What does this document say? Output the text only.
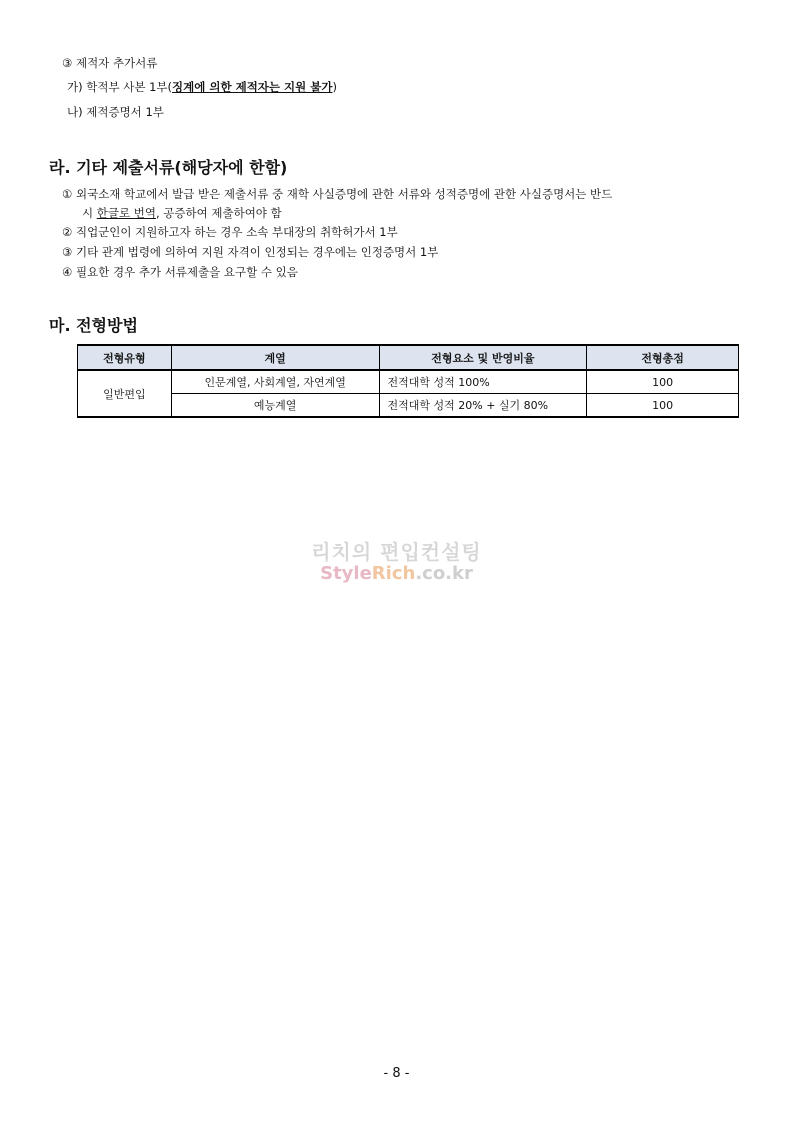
③ 제적자 추가서류
가) 학적부 사본 1부(징계에 의한 제적자는 지원 불가)
나) 제적증명서 1부
라. 기타 제출서류(해당자에 한함)
① 외국소재 학교에서 발급 받은 제출서류 중 재학 사실증명에 관한 서류와 성적증명에 관한 사실증명서는 반드
시 한글로 번역, 공증하여 제출하여야 함
② 직업군인이 지원하고자 하는 경우 소속 부대장의 취학허가서 1부
③ 기타 관계 법령에 의하여 지원 자격이 인정되는 경우에는 인정증명서 1부
④ 필요한 경우 추가 서류제출을 요구할 수 있음
마. 전형방법
전형유형	계열	전형요소 및 반영비율	전형총점
일반편입	인문계열, 사회계열, 자연계열	전적대학 성적 100%	100
	예능계열	전적대학 성적 20% + 실기 80%	100
리치의 편입컨설팅
StyleRich.co.kr
- 8 -
